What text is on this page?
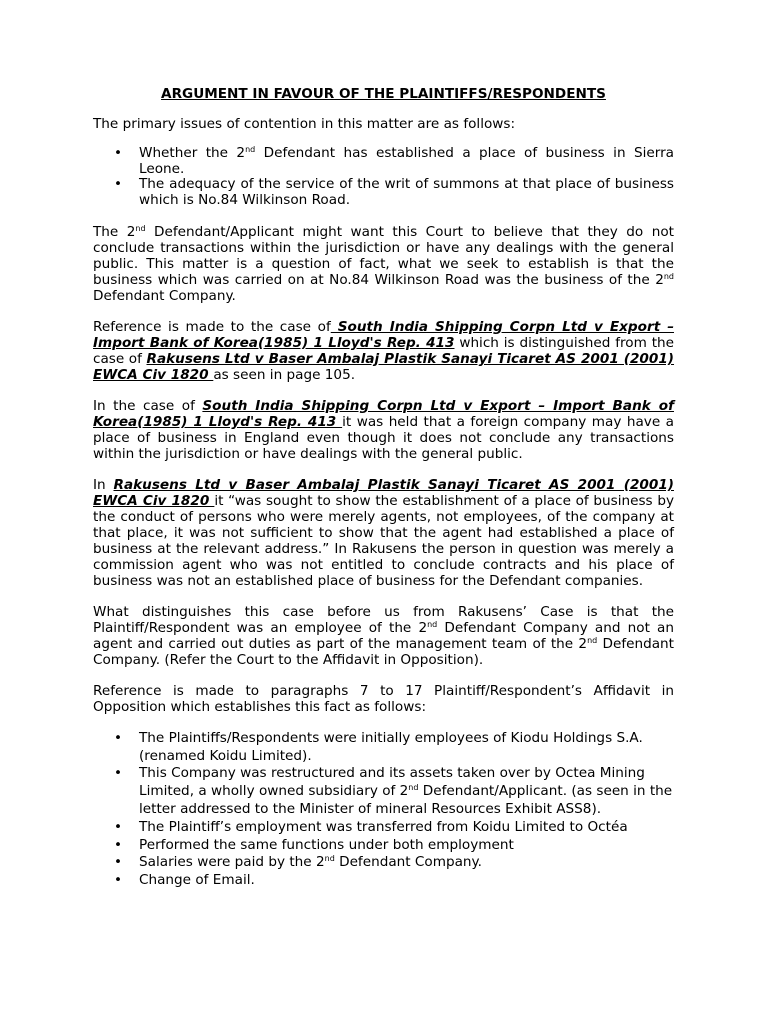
ARGUMENT IN FAVOUR OF THE PLAINTIFFS/RESPONDENTS

The primary issues of contention in this matter are as follows:

• Whether the 2nd Defendant has established a place of business in Sierra Leone.
• The adequacy of the service of the writ of summons at that place of business which is No.84 Wilkinson Road.

The 2nd Defendant/Applicant might want this Court to believe that they do not conclude transactions within the jurisdiction or have any dealings with the general public. This matter is a question of fact, what we seek to establish is that the business which was carried on at No.84 Wilkinson Road was the business of the 2nd Defendant Company.

Reference is made to the case of South India Shipping Corpn Ltd v Export – Import Bank of Korea(1985) 1 Lloyd's Rep. 413 which is distinguished from the case of Rakusens Ltd v Baser Ambalaj Plastik Sanayi Ticaret AS 2001 (2001) EWCA Civ 1820 as seen in page 105.

In the case of South India Shipping Corpn Ltd v Export – Import Bank of Korea(1985) 1 Lloyd's Rep. 413 it was held that a foreign company may have a place of business in England even though it does not conclude any transactions within the jurisdiction or have dealings with the general public.

In Rakusens Ltd v Baser Ambalaj Plastik Sanayi Ticaret AS 2001 (2001) EWCA Civ 1820 it “was sought to show the establishment of a place of business by the conduct of persons who were merely agents, not employees, of the company at that place, it was not sufficient to show that the agent had established a place of business at the relevant address.” In Rakusens the person in question was merely a commission agent who was not entitled to conclude contracts and his place of business was not an established place of business for the Defendant companies.

What distinguishes this case before us from Rakusens’ Case is that the Plaintiff/Respondent was an employee of the 2nd Defendant Company and not an agent and carried out duties as part of the management team of the 2nd Defendant Company. (Refer the Court to the Affidavit in Opposition).

Reference is made to paragraphs 7 to 17 Plaintiff/Respondent’s Affidavit in Opposition which establishes this fact as follows:

• The Plaintiffs/Respondents were initially employees of Kiodu Holdings S.A. (renamed Koidu Limited).
• This Company was restructured and its assets taken over by Octea Mining Limited, a wholly owned subsidiary of 2nd Defendant/Applicant. (as seen in the letter addressed to the Minister of mineral Resources Exhibit ASS8).
• The Plaintiff’s employment was transferred from Koidu Limited to Octéa
• Performed the same functions under both employment
• Salaries were paid by the 2nd Defendant Company.
• Change of Email.
